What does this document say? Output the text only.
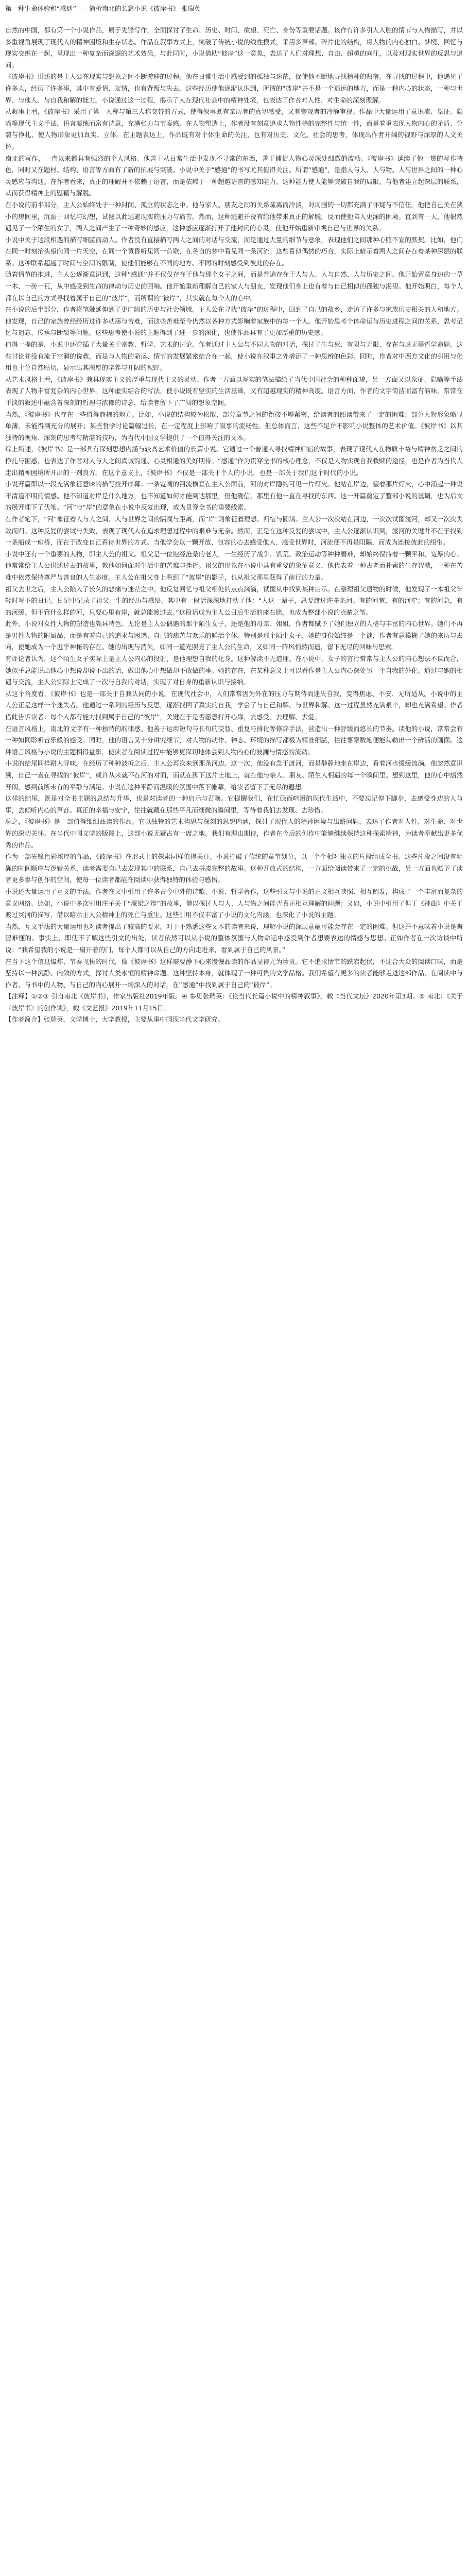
第一种生命体验和“感通”——简析南北的长篇小说《彼岸书》 张瑞英

自然的中国，都有第一个小说作品，属于先锋写作，全面探讨了生命、历史、时间、欲望、死亡、身份等重要话题。该作有许多引人入胜的情节与人物描写，并以多重视角展现了现代人的精神困境和生存状态。作品在叙事方式上，突破了传统小说的线性模式，采用多声部、碎片化的结构，将人物的内心独白、梦境、回忆与现实交织在一起，呈现出一种复杂而深邃的艺术效果。与此同时，小说借助“彼岸”这一意象，表达了人们对理想、自由、超越的向往，以及对现实世界的反思与追问。

《彼岸书》讲述的是主人公在现实与想象之间不断游移的过程。他在日常生活中感受到的孤独与迷茫，促使他不断地寻找精神的归宿。在寻找的过程中，他遇见了许多人，经历了许多事，其中有爱情、友情，也有背叛与失去。这些经历使他逐渐认识到，所谓的“彼岸”并不是一个遥远的地方，而是一种内心的状态，一种与世界、与他人、与自我和解的能力。小说通过这一过程，揭示了人在现代社会中的精神处境，也表达了作者对人性、对生命的深刻理解。

从叙事上看，《彼岸书》采用了第一人称与第三人称交替的方式，使得叙事既有亲历者的真切感受，又有旁观者的冷静审视。作品中大量运用了意识流、象征、隐喻等现代主义手法，语言凝练而富有诗意，充满张力与节奏感。在人物塑造上，作者没有刻意追求人物性格的完整性与统一性，而是着重表现人物内心的矛盾、分裂与挣扎，使人物形象更加真实、立体。在主题表达上，作品既有对个体生命的关注，也有对历史、文化、社会的思考，体现出作者开阔的视野与深厚的人文关怀。

南北的写作，一直以来都具有强烈的个人风格。他善于从日常生活中发现不寻常的东西，善于捕捉人物心灵深处细微的波动。《彼岸书》延续了他一贯的写作特色，同时又在题材、结构、语言等方面有了新的拓展与突破。小说中关于“感通”的书写尤其值得关注。所谓“感通”，是指人与人、人与物、人与世界之间的一种心灵感应与沟通。在作者看来，真正的理解并不依赖于语言，而是依赖于一种超越语言的感知能力。这种能力使人能够突破自我的局限，与他者建立起深层的联系，从而获得精神上的慰藉与解脱。

在小说的前半部分，主人公始终处于一种封闭、孤立的状态之中。他与家人、朋友之间的关系疏离而冷淡，对周围的一切都充满了怀疑与不信任。他把自己关在狭小的房间里，沉溺于回忆与幻想，试图以此逃避现实的压力与痛苦。然而，这种逃避并没有给他带来真正的解脱，反而使他陷入更深的困境。直到有一天，他偶然遇见了一个陌生的女子，两人之间产生了一种奇妙的感应，这种感应逐渐打开了他封闭的心灵，使他开始重新审视自己与世界的关系。

小说中关于这段相遇的描写细腻而动人。作者没有直接描写两人之间的对话与交流，而是通过大量的细节与意象，表现他们之间那种心照不宣的默契。比如，他们在同一时刻抬头望向同一片天空，在同一个黄昏听见同一首歌，在各自的梦中看见同一条河流。这些看似偶然的巧合，实际上暗示着两人之间存在着某种深层的联系。这种联系超越了时间与空间的限制，使他们能够在不同的地方、不同的时刻感受到彼此的存在。

随着情节的推进，主人公逐渐意识到，这种“感通”并不仅仅存在于他与那个女子之间，而是普遍存在于人与人、人与自然、人与历史之间。他开始留意身边的一草一木、一砖一瓦，从中感受到生命的律动与历史的回响。他开始重新理解自己的家人与朋友，发现他们身上也有着与自己相似的孤独与渴望。他开始明白，每个人都在以自己的方式寻找着属于自己的“彼岸”，而所谓的“彼岸”，其实就在每个人的心中。

在小说的后半部分，作者将笔触延伸到了更广阔的历史与社会领域。主人公在寻找“彼岸”的过程中，回到了自己的故乡，走访了许多与家族历史相关的人和地方。他发现，自己的家族曾经经历过许多动荡与苦难，而这些苦难至今仍然以各种方式影响着家族中的每一个人。他开始思考个体命运与历史进程之间的关系，思考记忆与遗忘、传承与断裂等问题。这些思考使小说的主题得到了进一步的深化，也使作品具有了更加厚重的历史感。

值得一提的是，小说中还穿插了大量关于宗教、哲学、艺术的讨论。作者通过主人公与不同人物的对话，探讨了生与死、有限与无限、存在与虚无等哲学命题。这些讨论并没有流于空洞的说教，而是与人物的命运、情节的发展紧密结合在一起，使小说在叙事之外增添了一种思辨的色彩。同时，作者对中西方文化的引用与化用也十分自然贴切，显示出其深厚的学养与开阔的视野。

从艺术风格上看，《彼岸书》兼具现实主义的厚重与现代主义的灵动。作者一方面以写实的笔法描绘了当代中国社会的种种面貌，另一方面又以象征、隐喻等手法表现了人物丰富复杂的内心世界。这种虚实结合的写法，使小说既有坚实的生活基础，又有超越现实的精神高度。语言方面，作者的文字简洁而富有韵味，常常在平淡的叙述中蕴含着深刻的哲理与浓郁的诗意，给读者留下了广阔的想象空间。

当然，《彼岸书》也存在一些值得商榷的地方。比如，小说的结构较为松散，部分章节之间的衔接不够紧密，给读者的阅读带来了一定的困难；部分人物形象略显单薄，未能得到充分的展开；某些哲学讨论篇幅过长，在一定程度上影响了叙事的流畅性。但总体而言，这些不足并不影响小说整体的艺术价值。《彼岸书》以其独特的视角、深刻的思考与精湛的技巧，为当代中国文学提供了一个值得关注的文本。

综上所述，《彼岸书》是一部具有深刻思想内涵与较高艺术价值的长篇小说。它通过一个普通人寻找精神归宿的故事，表现了现代人在物质丰裕与精神贫乏之间的挣扎与困惑，也表达了作者对人与人之间真诚沟通、心灵相通的美好期待。“感通”作为贯穿全书的核心理念，不仅是人物实现自我救赎的途径，也是作者为当代人走出精神困境所开出的一剂良方。在这个意义上，《彼岸书》不仅是一部关于个人的小说，也是一部关于我们这个时代的小说。

小说开篇即以一段充满象征意味的描写拉开序幕：一条宽阔的河流横亘在主人公面前，河的对岸隐约可见一片灯火。他站在岸边，望着那片灯火，心中涌起一种说不清道不明的情感。他不知道对岸是什么地方，也不知道如何才能到达那里，但他确信，那里有他一直在寻找的东西。这一开篇奠定了整部小说的基调，也为后文的展开埋下了伏笔。“河”与“岸”的意象在小说中反复出现，成为贯穿全书的重要线索。

在作者笔下，“河”象征着人与人之间、人与世界之间的隔阂与距离，而“岸”则象征着理想、归宿与圆满。主人公一次次站在河边，一次次试图渡河，却又一次次失败而归。这种反复的尝试与失败，表现了现代人在追求理想过程中的艰难与无奈。然而，正是在这种反复的尝试中，主人公逐渐认识到，渡河的关键并不在于找到一条船或一座桥，而在于改变自己看待世界的方式。当他学会以一颗开放、包容的心去感受他人、感受世界时，河流便不再是阻隔，而成为连接彼此的纽带。

小说中还有一个重要的人物，即主人公的祖父。祖父是一位饱经沧桑的老人，一生经历了战争、饥荒、政治运动等种种磨难，却始终保持着一颗平和、宽厚的心。他常常给主人公讲述过去的故事，教他如何面对生活中的苦难与挫折。祖父的形象在小说中具有重要的象征意义，他代表着一种古老而朴素的生存智慧，一种在苦难中依然保持尊严与善良的人生态度。主人公在祖父身上看到了“彼岸”的影子，也从祖父那里获得了前行的力量。

祖父去世之后，主人公陷入了长久的悲痛与迷茫之中。他反复回忆与祖父相处的点点滴滴，试图从中找到某种启示。在整理祖父遗物的时候，他发现了一本祖父年轻时写下的日记。日记中记录了祖父一生的经历与感悟，其中有一段话深深地打动了他：“人这一辈子，总要渡过许多条河。有的河宽，有的河窄；有的河急，有的河缓。但不管什么样的河，只要心里有岸，就总能渡过去。”这段话成为主人公日后生活的座右铭，也成为整部小说的点睛之笔。

此外，小说对女性人物的塑造也颇具特色。无论是主人公偶遇的那个陌生女子，还是他的母亲、姐姐，作者都赋予了她们独立的人格与丰富的内心世界。她们不再是男性人物的附属品，而是有着自己的追求与困惑、自己的痛苦与欢乐的鲜活个体。特别是那个陌生女子，她的身份始终是一个谜，作者有意模糊了她的来历与去向，使她成为一个近乎神秘的存在。她的出现与消失，如同一道光照亮了主人公的生命，又如同一阵风悄然而逝，留下无尽的回味与思索。

有评论者认为，这个陌生女子实际上是主人公内心的投射，是他理想自我的化身。这种解读不无道理。在小说中，女子的言行常常与主人公的内心想法不谋而合，她似乎总能说出他心中想说却说不出的话，做出他心中想做却不敢做的事。她的存在，在某种意义上可以看作是主人公内心深处另一个自我的外化。通过与她的相遇与交流，主人公实际上完成了一次与自我的对话，实现了对自身的重新认识与接纳。

从这个角度看，《彼岸书》也是一部关于自我认同的小说。在现代社会中，人们常常因为外在的压力与期待而迷失自我，变得焦虑、不安、无所适从。小说中的主人公正是这样一个迷失者。他通过一系列的经历与反思，逐渐找回了真实的自我，学会了与自己和解、与世界和解。这一过程虽然充满艰辛，却也充满希望。作者借此告诉读者：每个人都有能力找到属于自己的“彼岸”，关键在于是否愿意打开心扉，去感受、去理解、去爱。

在语言风格上，南北的文字有一种独特的韵律感。他善于运用短句与长句的交替、重复与排比等修辞手法，营造出一种舒缓而悠长的节奏。读他的小说，常常会有一种如同聆听音乐般的感受。同时，他的语言又十分讲究细节，对人物的动作、神态、环境的描写都极为精准细腻，往往寥寥数笔便能勾勒出一个鲜活的画面。这种语言风格与小说的主题相得益彰，使读者在阅读过程中能够更深切地体会到人物内心的波澜与情感的流动。

小说的结尾同样耐人寻味。在经历了种种波折之后，主人公再次来到那条河边。这一次，他没有急于渡河，而是静静地坐在岸边，看着河水缓缓流淌。他忽然意识到，自己一直在寻找的“彼岸”，或许从来就不在河的对面，而就在脚下这片土地上，就在他与亲人、朋友、陌生人相遇的每一个瞬间里。想到这里，他的心中豁然开朗，感到前所未有的平静与满足。小说在这种平静而温暖的氛围中落下帷幕，给读者留下了无尽的遐想。

这样的结尾，既是对全书主题的总结与升华，也是对读者的一种启示与召唤。它提醒我们，在忙碌而喧嚣的现代生活中，不要忘记停下脚步，去感受身边的人与事，去倾听内心的声音。真正的幸福与安宁，往往就藏在那些平凡而细微的瞬间里，等待着我们去发现、去珍惜。

总之，《彼岸书》是一部值得细细品读的作品。它以独特的艺术构思与深刻的思想内涵，探讨了现代人的精神困境与出路问题，表达了作者对人性、对生命、对世界的深切关怀。在当代中国文学的版图上，这部小说无疑占有一席之地。我们有理由期待，作者在今后的创作中能够继续保持这种探索精神，为读者奉献出更多优秀的作品。

作为一部先锋色彩浓厚的作品，《彼岸书》在形式上的探索同样值得关注。小说打破了传统的章节划分，以一个个相对独立的片段组成全书。这些片段之间没有明确的时间顺序与逻辑关系，读者需要自己去发现其中的联系，自己去拼凑完整的故事。这种开放式的结构，一方面给阅读带来了一定的挑战，另一方面也赋予了读者更多参与创作的空间，使每一位读者都能在阅读中获得独特的体验与感悟。

小说还大量运用了互文的手法。作者在文中引用了许多古今中外的诗歌、小说、哲学著作，这些引文与小说的正文相互映照、相互阐发，构成了一个丰富而复杂的意义网络。比如，小说中多次引用庄子关于“濠梁之辩”的故事，借以探讨人与人、人与物之间能否真正相互理解的问题；又如，小说中引用了但丁《神曲》中关于渡过冥河的描写，借以暗示主人公精神上的死亡与重生。这些引用不仅丰富了小说的文化内涵，也深化了小说的主题。

当然，互文手法的大量运用也对读者提出了较高的要求。对于不熟悉这些文本的读者来说，理解小说的深层意蕴可能会存在一定的困难。但这并不意味着小说是晦涩难懂的。事实上，即使不了解这些引文的出处，读者依然可以从小说的整体氛围与人物命运中感受到作者想要表达的情感与思想。正如作者在一次访谈中所说：“我希望我的小说是一扇开着的门，每个人都可以从自己的方向走进来，看到属于自己的风景。”

在当下这个信息爆炸、节奏飞快的时代，像《彼岸书》这样需要静下心来慢慢品读的作品显得尤为珍贵。它不追求情节的跌宕起伏，不迎合大众的阅读口味，而是坚持以一种沉静、内敛的方式，探讨人类永恒的精神命题。这种坚持本身，就体现了一种可贵的文学品格。我们希望有更多的读者能够走进这部作品，在阅读中与作者、与书中的人物、与自己的内心展开一场深入的对话，在“感通”中找到属于自己的“彼岸”。

【注释】①②③ 引自南北《彼岸书》，作家出版社2019年版。④ 参见张瑞英：《论当代长篇小说中的精神叙事》，载《当代文坛》2020年第3期。⑤ 南北：《关于〈彼岸书〉的创作谈》，载《文艺报》2019年11月15日。

【作者简介】张瑞英，文学博士，大学教授，主要从事中国现当代文学研究。
